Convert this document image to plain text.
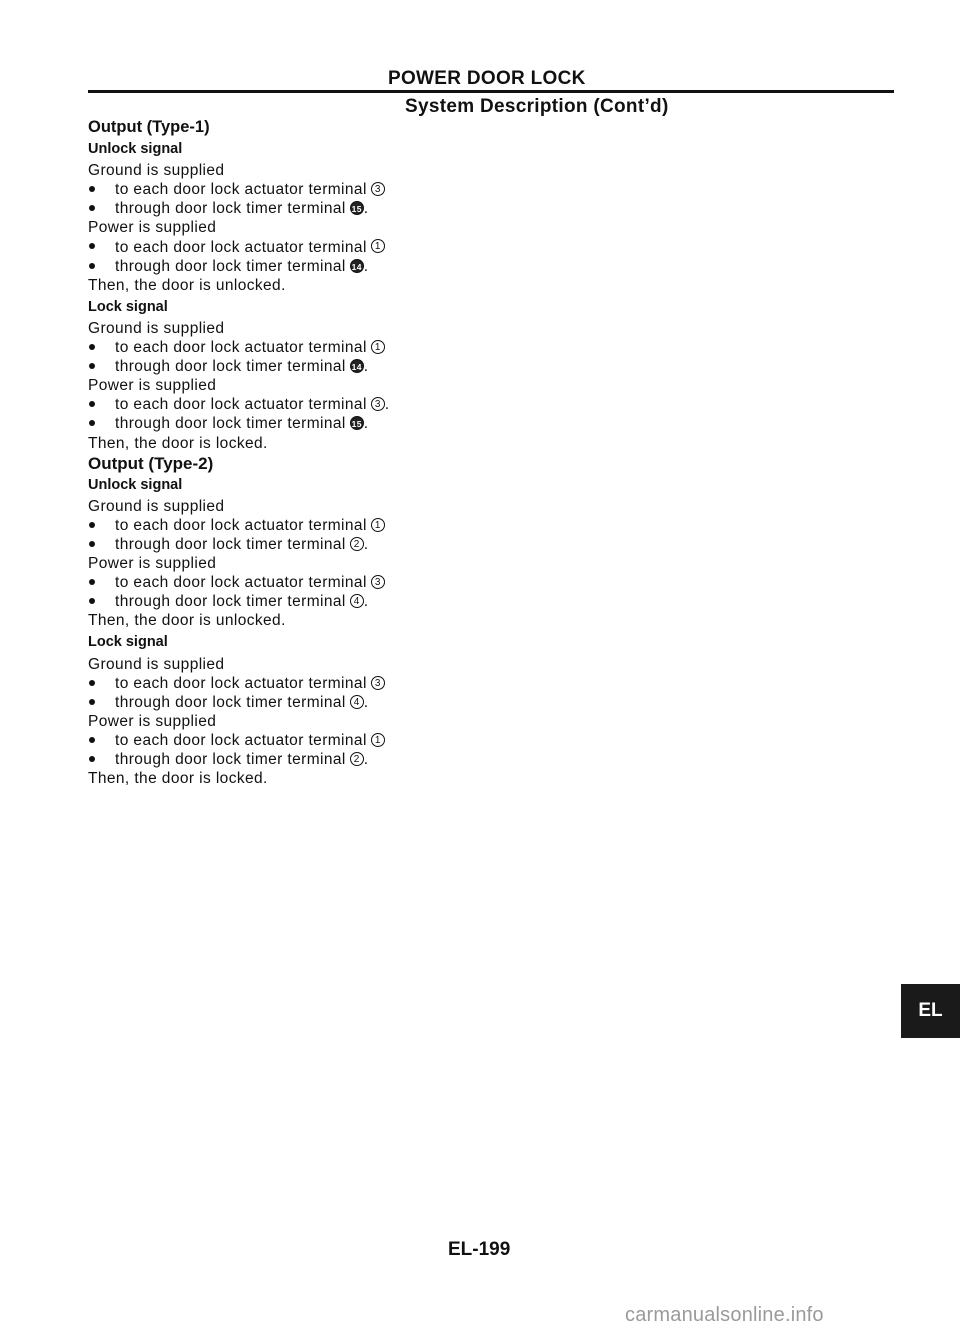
POWER DOOR LOCK
System Description (Cont’d)
Output (Type-1)
Unlock signal
Ground is supplied
to each door lock actuator terminal 3
through door lock timer terminal 15 .
Power is supplied
to each door lock actuator terminal 1
through door lock timer terminal 14 .
Then, the door is unlocked.
Lock signal
Ground is supplied
to each door lock actuator terminal 1
through door lock timer terminal 14 .
Power is supplied
to each door lock actuator terminal 3 .
through door lock timer terminal 15 .
Then, the door is locked.
Output (Type-2)
Unlock signal
Ground is supplied
to each door lock actuator terminal 1
through door lock timer terminal 2 .
Power is supplied
to each door lock actuator terminal 3
through door lock timer terminal 4 .
Then, the door is unlocked.
Lock signal
Ground is supplied
to each door lock actuator terminal 3
through door lock timer terminal 4 .
Power is supplied
to each door lock actuator terminal 1
through door lock timer terminal 2 .
Then, the door is locked.
EL
EL-199
carmanualsonline.info
